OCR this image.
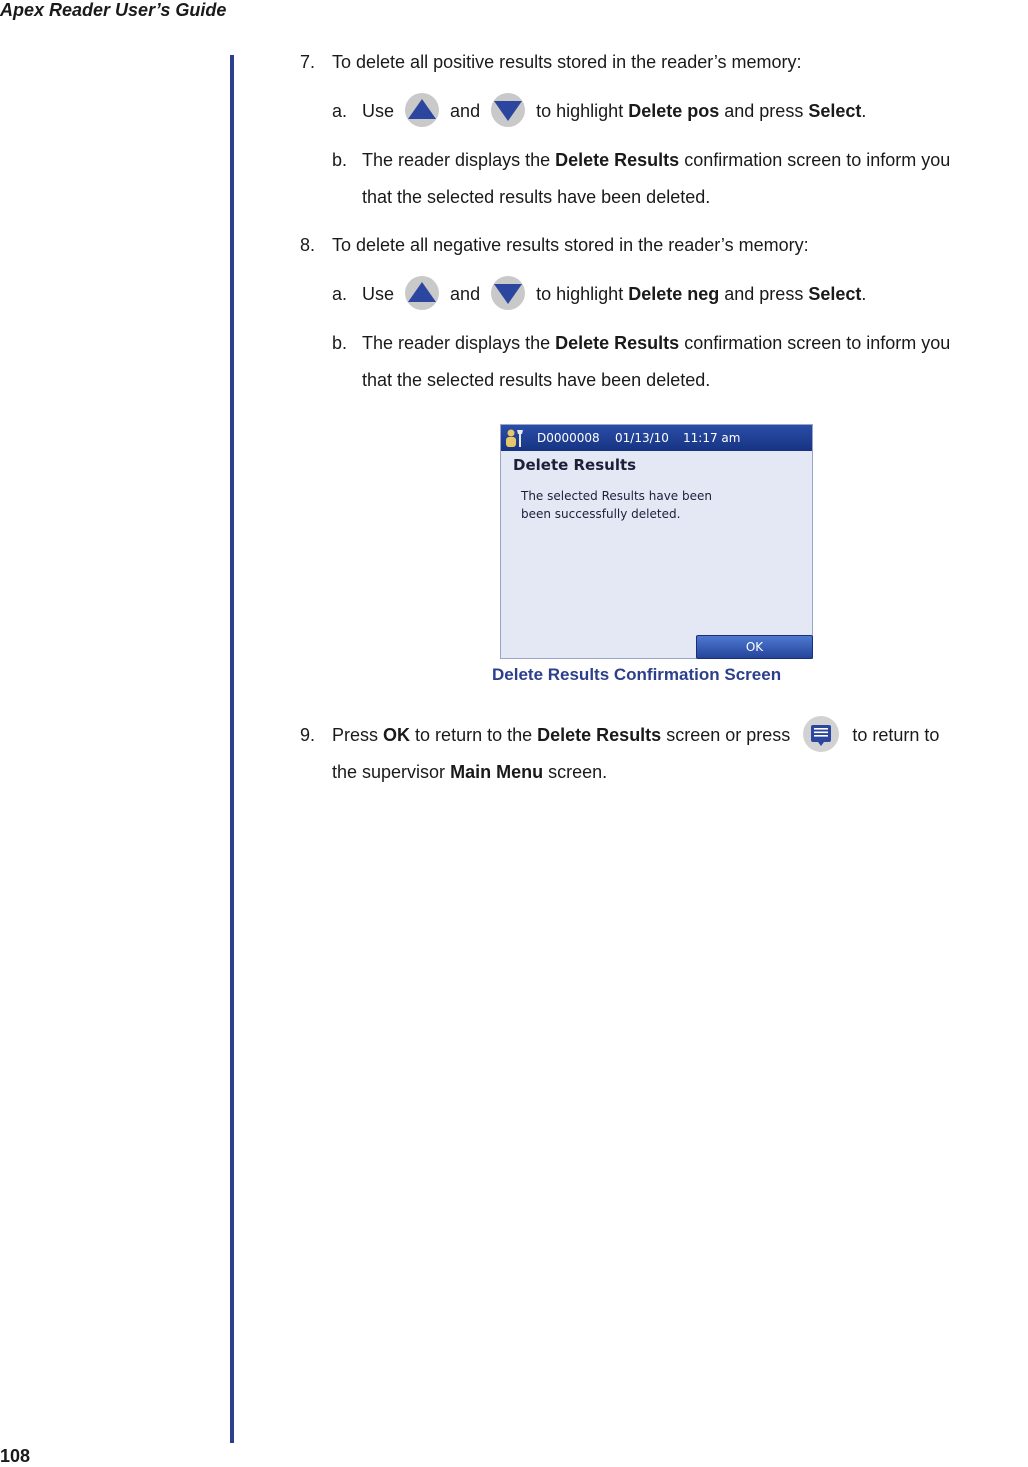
Apex Reader User’s Guide
7. To delete all positive results stored in the reader’s memory:
a. Use	and	to highlight Delete pos and press Select.
b. The reader displays the Delete Results confirmation screen to inform you
that the selected results have been deleted.
8. To delete all negative results stored in the reader’s memory:
a. Use	and	to highlight Delete neg and press Select.
b. The reader displays the Delete Results confirmation screen to inform you
that the selected results have been deleted.
D0000008 01/13/10 11:17 am
Delete Results
The selected Results have been
been successfully deleted.
OK
Delete Results Confirmation Screen
9. Press OK to return to the Delete Results screen or press	to return to
the supervisor Main Menu screen.
108
